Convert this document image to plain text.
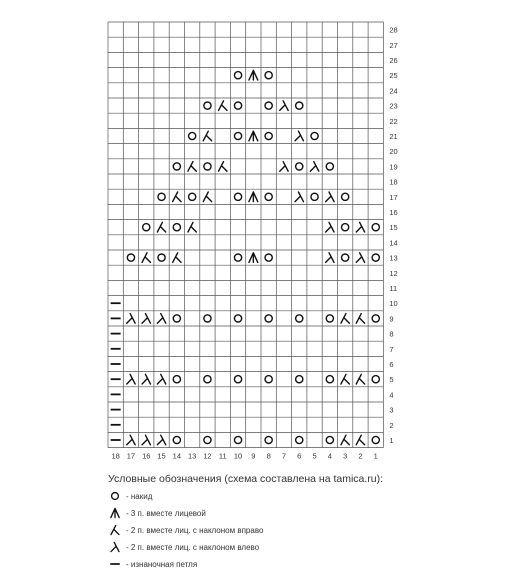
1
2
3
4
5
6
7
8
9
10
11
12
13
14
15
16
17
18
19
20
21
22
23
24
25
26
27
28
18 17 16 15 14 13 12 11 10 9 8 7 6 5 4 3 2 1
Условные обозначения (схема составлена на tamica.ru):
- накид
- 3 п. вместе лицевой
- 2 п. вместе лиц. с наклоном вправо
- 2 п. вместе лиц. с наклоном влево
- изнаночная петля
